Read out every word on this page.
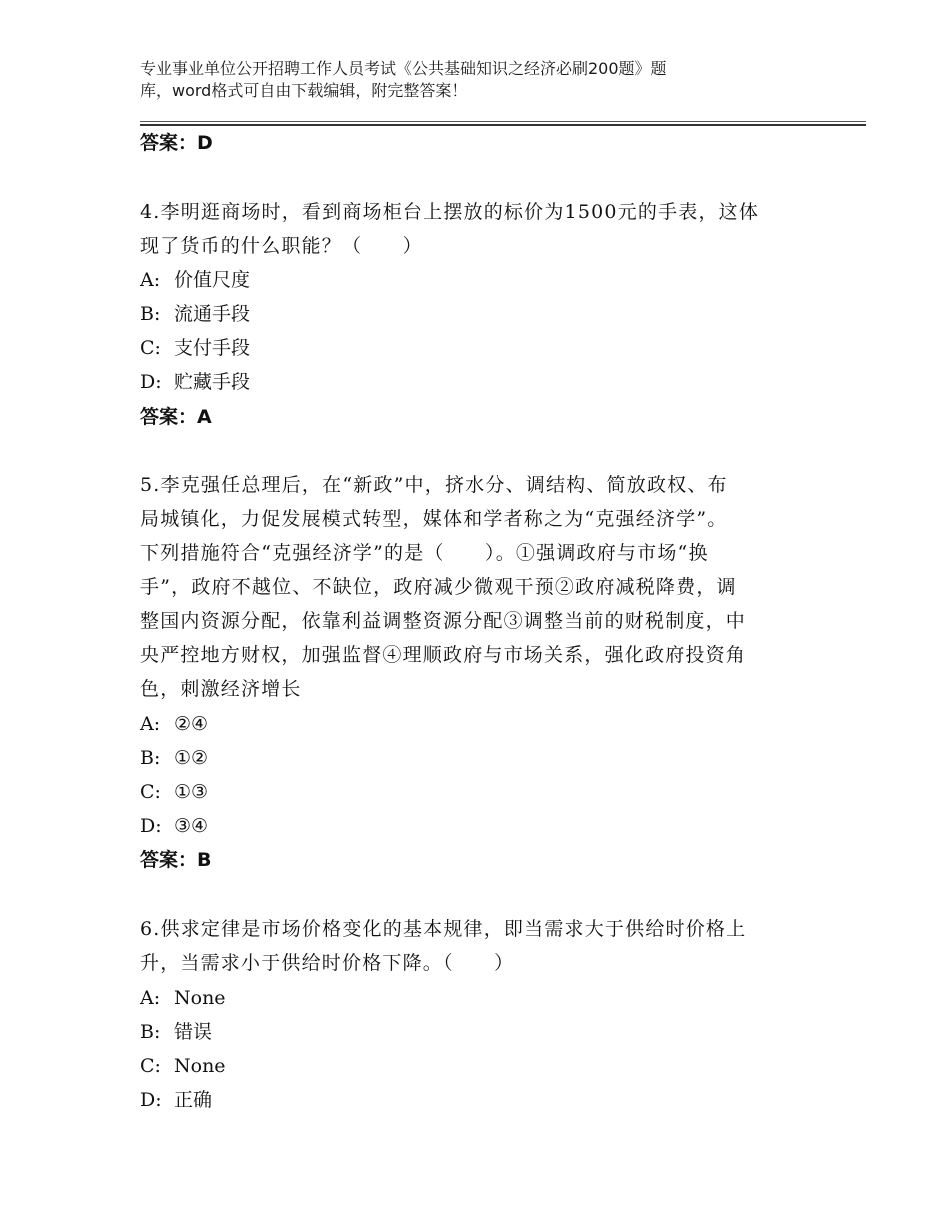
专业事业单位公开招聘工作人员考试《公共基础知识之经济必刷200题》题
库，word格式可自由下载编辑，附完整答案！
答案：D
4.李明逛商场时，看到商场柜台上摆放的标价为1500元的手表，这体
现了货币的什么职能？（　　）
A: 价值尺度
B: 流通手段
C: 支付手段
D: 贮藏手段
答案：A
5.李克强任总理后，在“新政”中，挤水分、调结构、简放政权、布
局城镇化，力促发展模式转型，媒体和学者称之为“克强经济学”。
下列措施符合“克强经济学”的是（　　）。①强调政府与市场“换
手”，政府不越位、不缺位，政府减少微观干预②政府减税降费，调
整国内资源分配，依靠利益调整资源分配③调整当前的财税制度，中
央严控地方财权，加强监督④理顺政府与市场关系，强化政府投资角
色，刺激经济增长
A: ②④
B: ①②
C: ①③
D: ③④
答案：B
6.供求定律是市场价格变化的基本规律，即当需求大于供给时价格上
升，当需求小于供给时价格下降。（　　）
A: None
B: 错误
C: None
D: 正确
